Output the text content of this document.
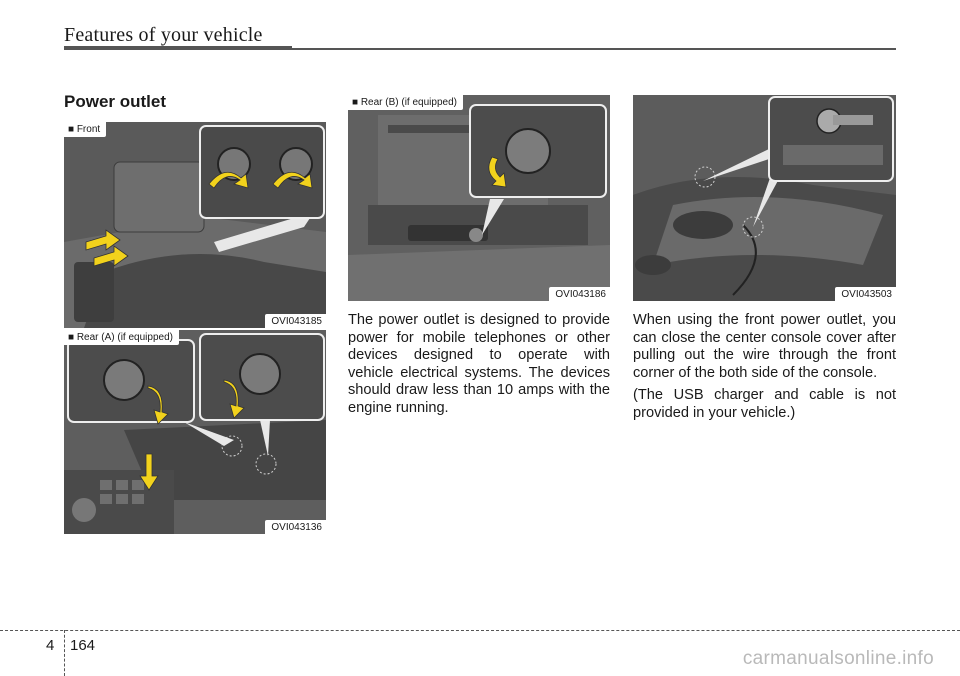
Features of your vehicle
Power outlet
■ Front
OVI043185
■ Rear (A) (if equipped)
OVI043136
■ Rear (B) (if equipped)
OVI043186	OVI043503

The power outlet is designed to provide power for mobile telephones or other devices designed to operate with vehicle electrical systems. The devices should draw less than 10 amps with the engine running.

When using the front power outlet, you can close the center console cover after pulling out the wire through the front corner of the both side of the console.

(The USB charger and cable is not provided in your vehicle.)

4 164
carmanualsonline.info
